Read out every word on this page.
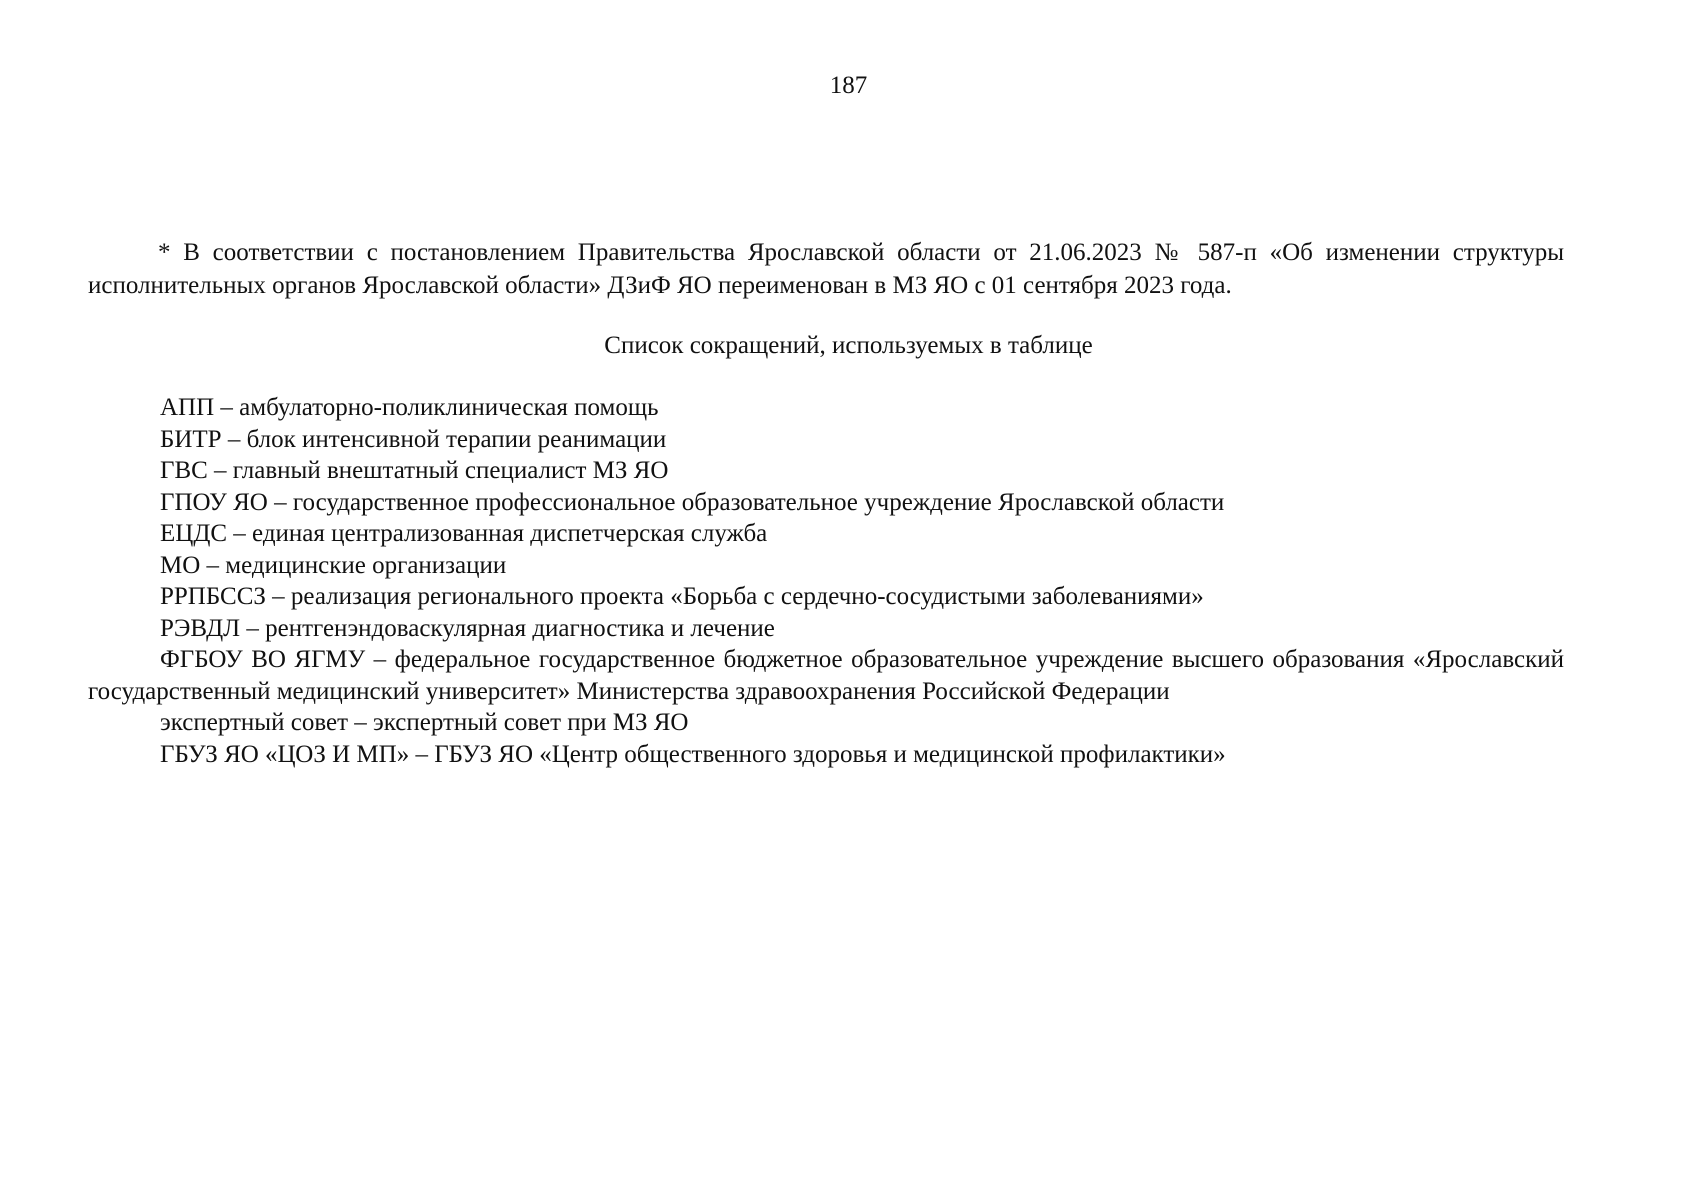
187
* В соответствии с постановлением Правительства Ярославской области от 21.06.2023 № 587-п «Об изменении структуры исполнительных органов Ярославской области» ДЗиФ ЯО переименован в МЗ ЯО с 01 сентября 2023 года.
Список сокращений, используемых в таблице
АПП – амбулаторно-поликлиническая помощь
БИТР – блок интенсивной терапии реанимации
ГВС – главный внештатный специалист МЗ ЯО
ГПОУ ЯО – государственное профессиональное образовательное учреждение Ярославской области
ЕЦДС – единая централизованная диспетчерская служба
МО – медицинские организации
РРПБССЗ – реализация регионального проекта «Борьба с сердечно-сосудистыми заболеваниями»
РЭВДЛ – рентгенэндоваскулярная диагностика и лечение
ФГБОУ ВО ЯГМУ – федеральное государственное бюджетное образовательное учреждение высшего образования «Ярославский государственный медицинский университет» Министерства здравоохранения Российской Федерации
экспертный совет – экспертный совет при МЗ ЯО
ГБУЗ ЯО «ЦОЗ И МП» – ГБУЗ ЯО «Центр общественного здоровья и медицинской профилактики»
